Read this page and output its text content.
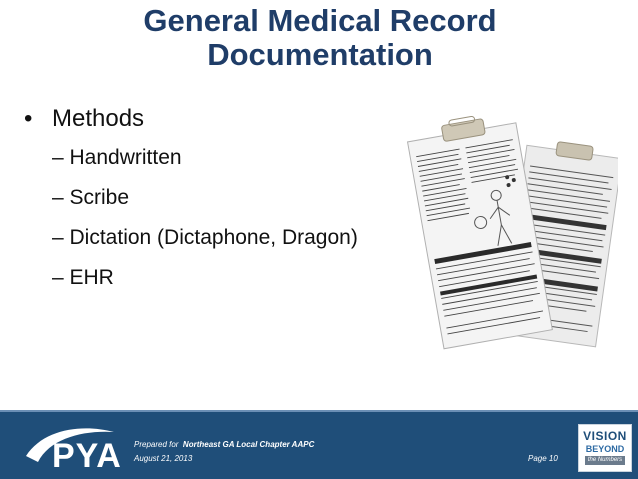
General Medical Record
Documentation
• Methods
– Handwritten
– Scribe
– Dictation (Dictaphone, Dragon)
– EHR
PYA Prepared for Northeast GA Local Chapter AAPC
August 21, 2013	Page 10
VISION
BEYOND
the Numbers
